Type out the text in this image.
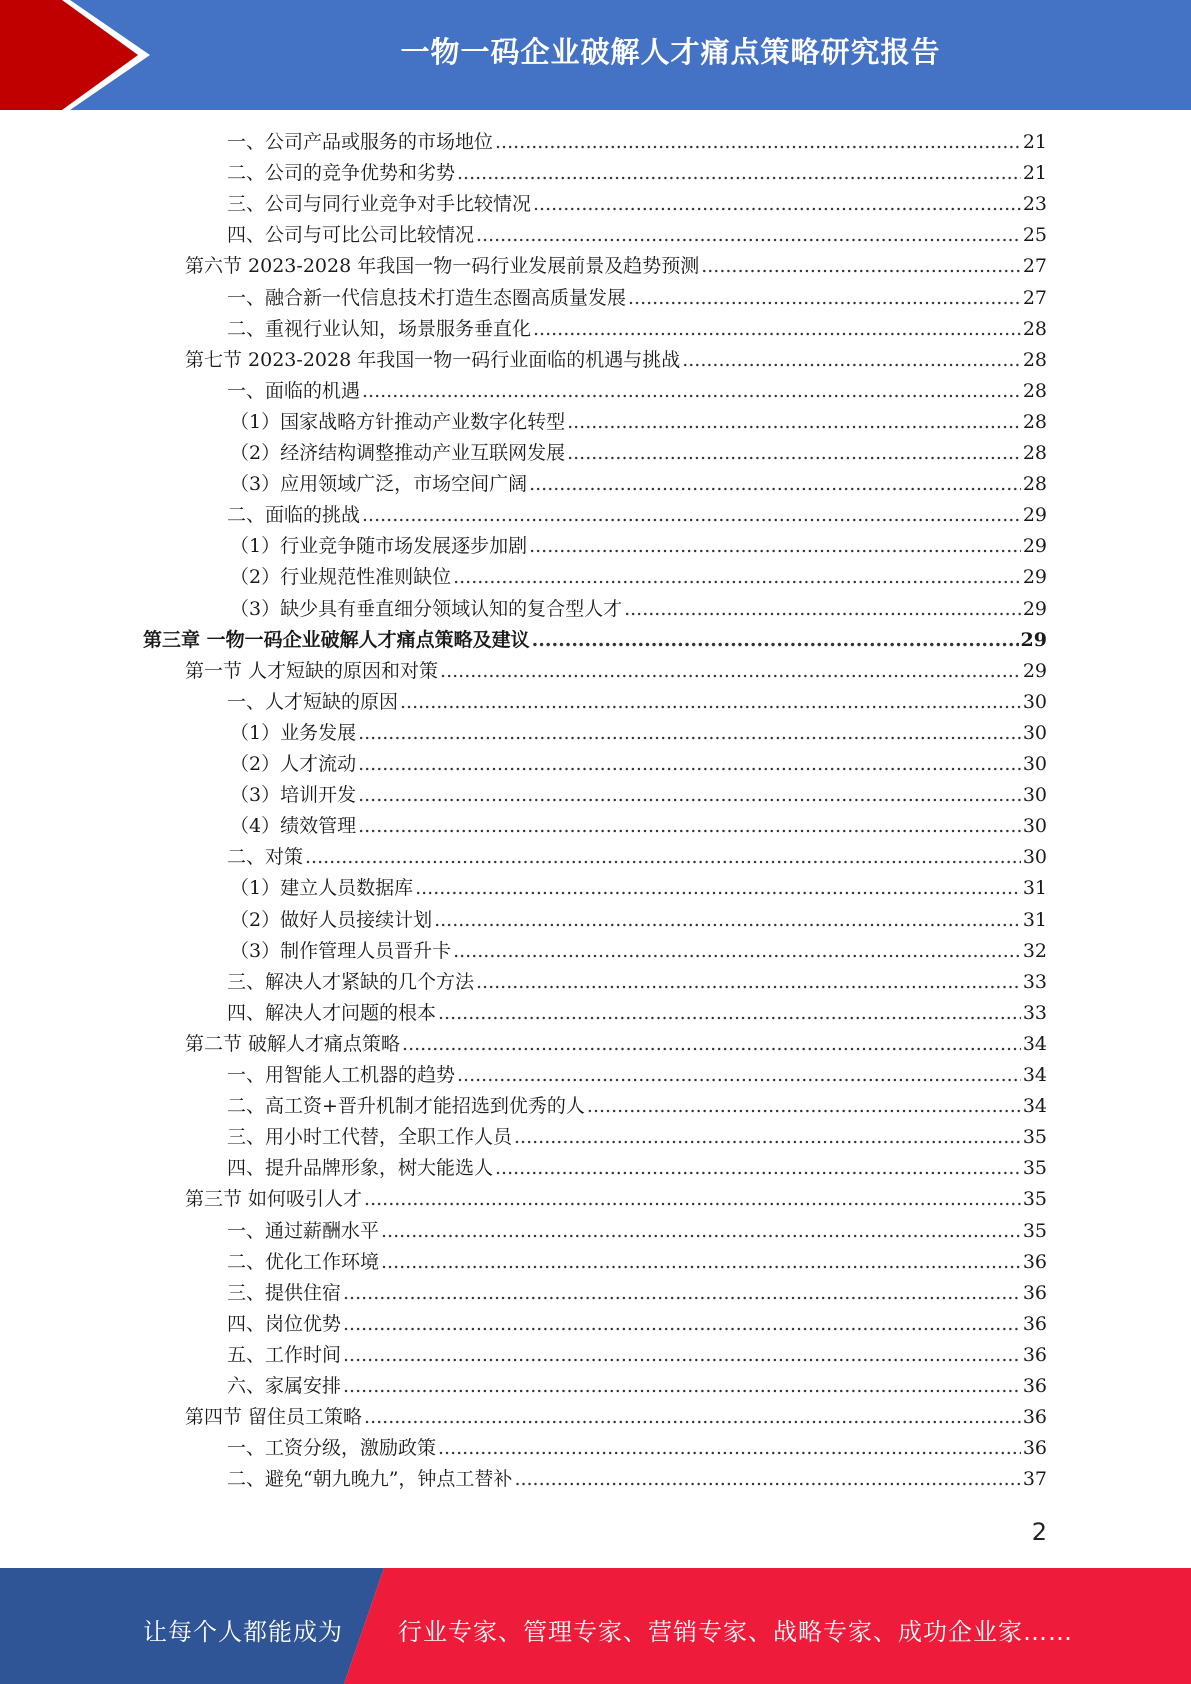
一物一码企业破解人才痛点策略研究报告
一、公司产品或服务的市场地位 .....	21
二、公司的竞争优势和劣势 .....	21
三、公司与同行业竞争对手比较情况 .....	23
四、公司与可比公司比较情况 .....	25
第六节 2023-2028 年我国一物一码行业发展前景及趋势预测 .....	27
一、融合新一代信息技术打造生态圈高质量发展 .....	27
二、重视行业认知，场景服务垂直化 .....	28
第七节 2023-2028 年我国一物一码行业面临的机遇与挑战 .....	28
一、面临的机遇 .....	28
（1）国家战略方针推动产业数字化转型 .....	28
（2）经济结构调整推动产业互联网发展 .....	28
（3）应用领域广泛，市场空间广阔 .....	28
二、面临的挑战 .....	29
（1）行业竞争随市场发展逐步加剧 .....	29
（2）行业规范性准则缺位 .....	29
（3）缺少具有垂直细分领域认知的复合型人才 .....	29
第三章 一物一码企业破解人才痛点策略及建议 .....	29
第一节 人才短缺的原因和对策 .....	29
一、人才短缺的原因 .....	30
（1）业务发展 .....	30
（2）人才流动 .....	30
（3）培训开发 .....	30
（4）绩效管理 .....	30
二、对策 .....	30
（1）建立人员数据库 .....	31
（2）做好人员接续计划 .....	31
（3）制作管理人员晋升卡 .....	32
三、解决人才紧缺的几个方法 .....	33
四、解决人才问题的根本 .....	33
第二节 破解人才痛点策略 .....	34
一、用智能人工机器的趋势 .....	34
二、高工资+晋升机制才能招选到优秀的人 .....	34
三、用小时工代替，全职工作人员 .....	35
四、提升品牌形象，树大能选人 .....	35
第三节 如何吸引人才 .....	35
一、通过薪酬水平 .....	35
二、优化工作环境 .....	36
三、提供住宿 .....	36
四、岗位优势 .....	36
五、工作时间 .....	36
六、家属安排 .....	36
第四节 留住员工策略 .....	36
一、工资分级，激励政策 .....	36
二、避免“朝九晚九”，钟点工替补 .....	37
2
让每个人都能成为 行业专家、管理专家、营销专家、战略专家、成功企业家……
